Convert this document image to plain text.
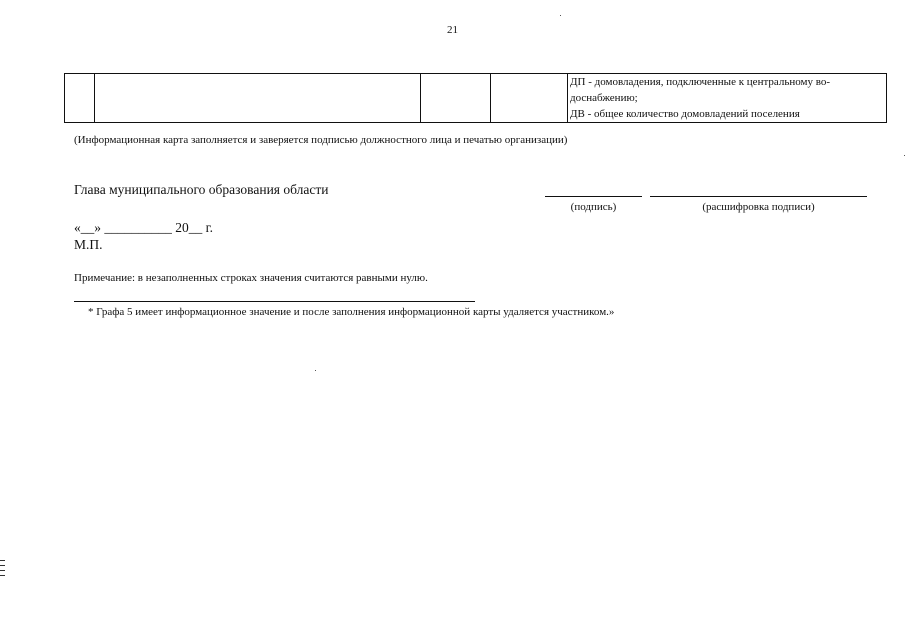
21

ДП - домовладения, подключенные к центральному во-
доснабжению;
ДВ - общее количество домовладений поселения
(Информационная карта заполняется и заверяется подписью должностного лица и печатью организации)
Глава муниципального образования области
(подпись)	(расшифровка подписи)
«__» __________ 20__ г.
М.П.
Примечание: в незаполненных строках значения считаются равными нулю.
* Графа 5 имеет информационное значение и после заполнения информационной карты удаляется участником.»
